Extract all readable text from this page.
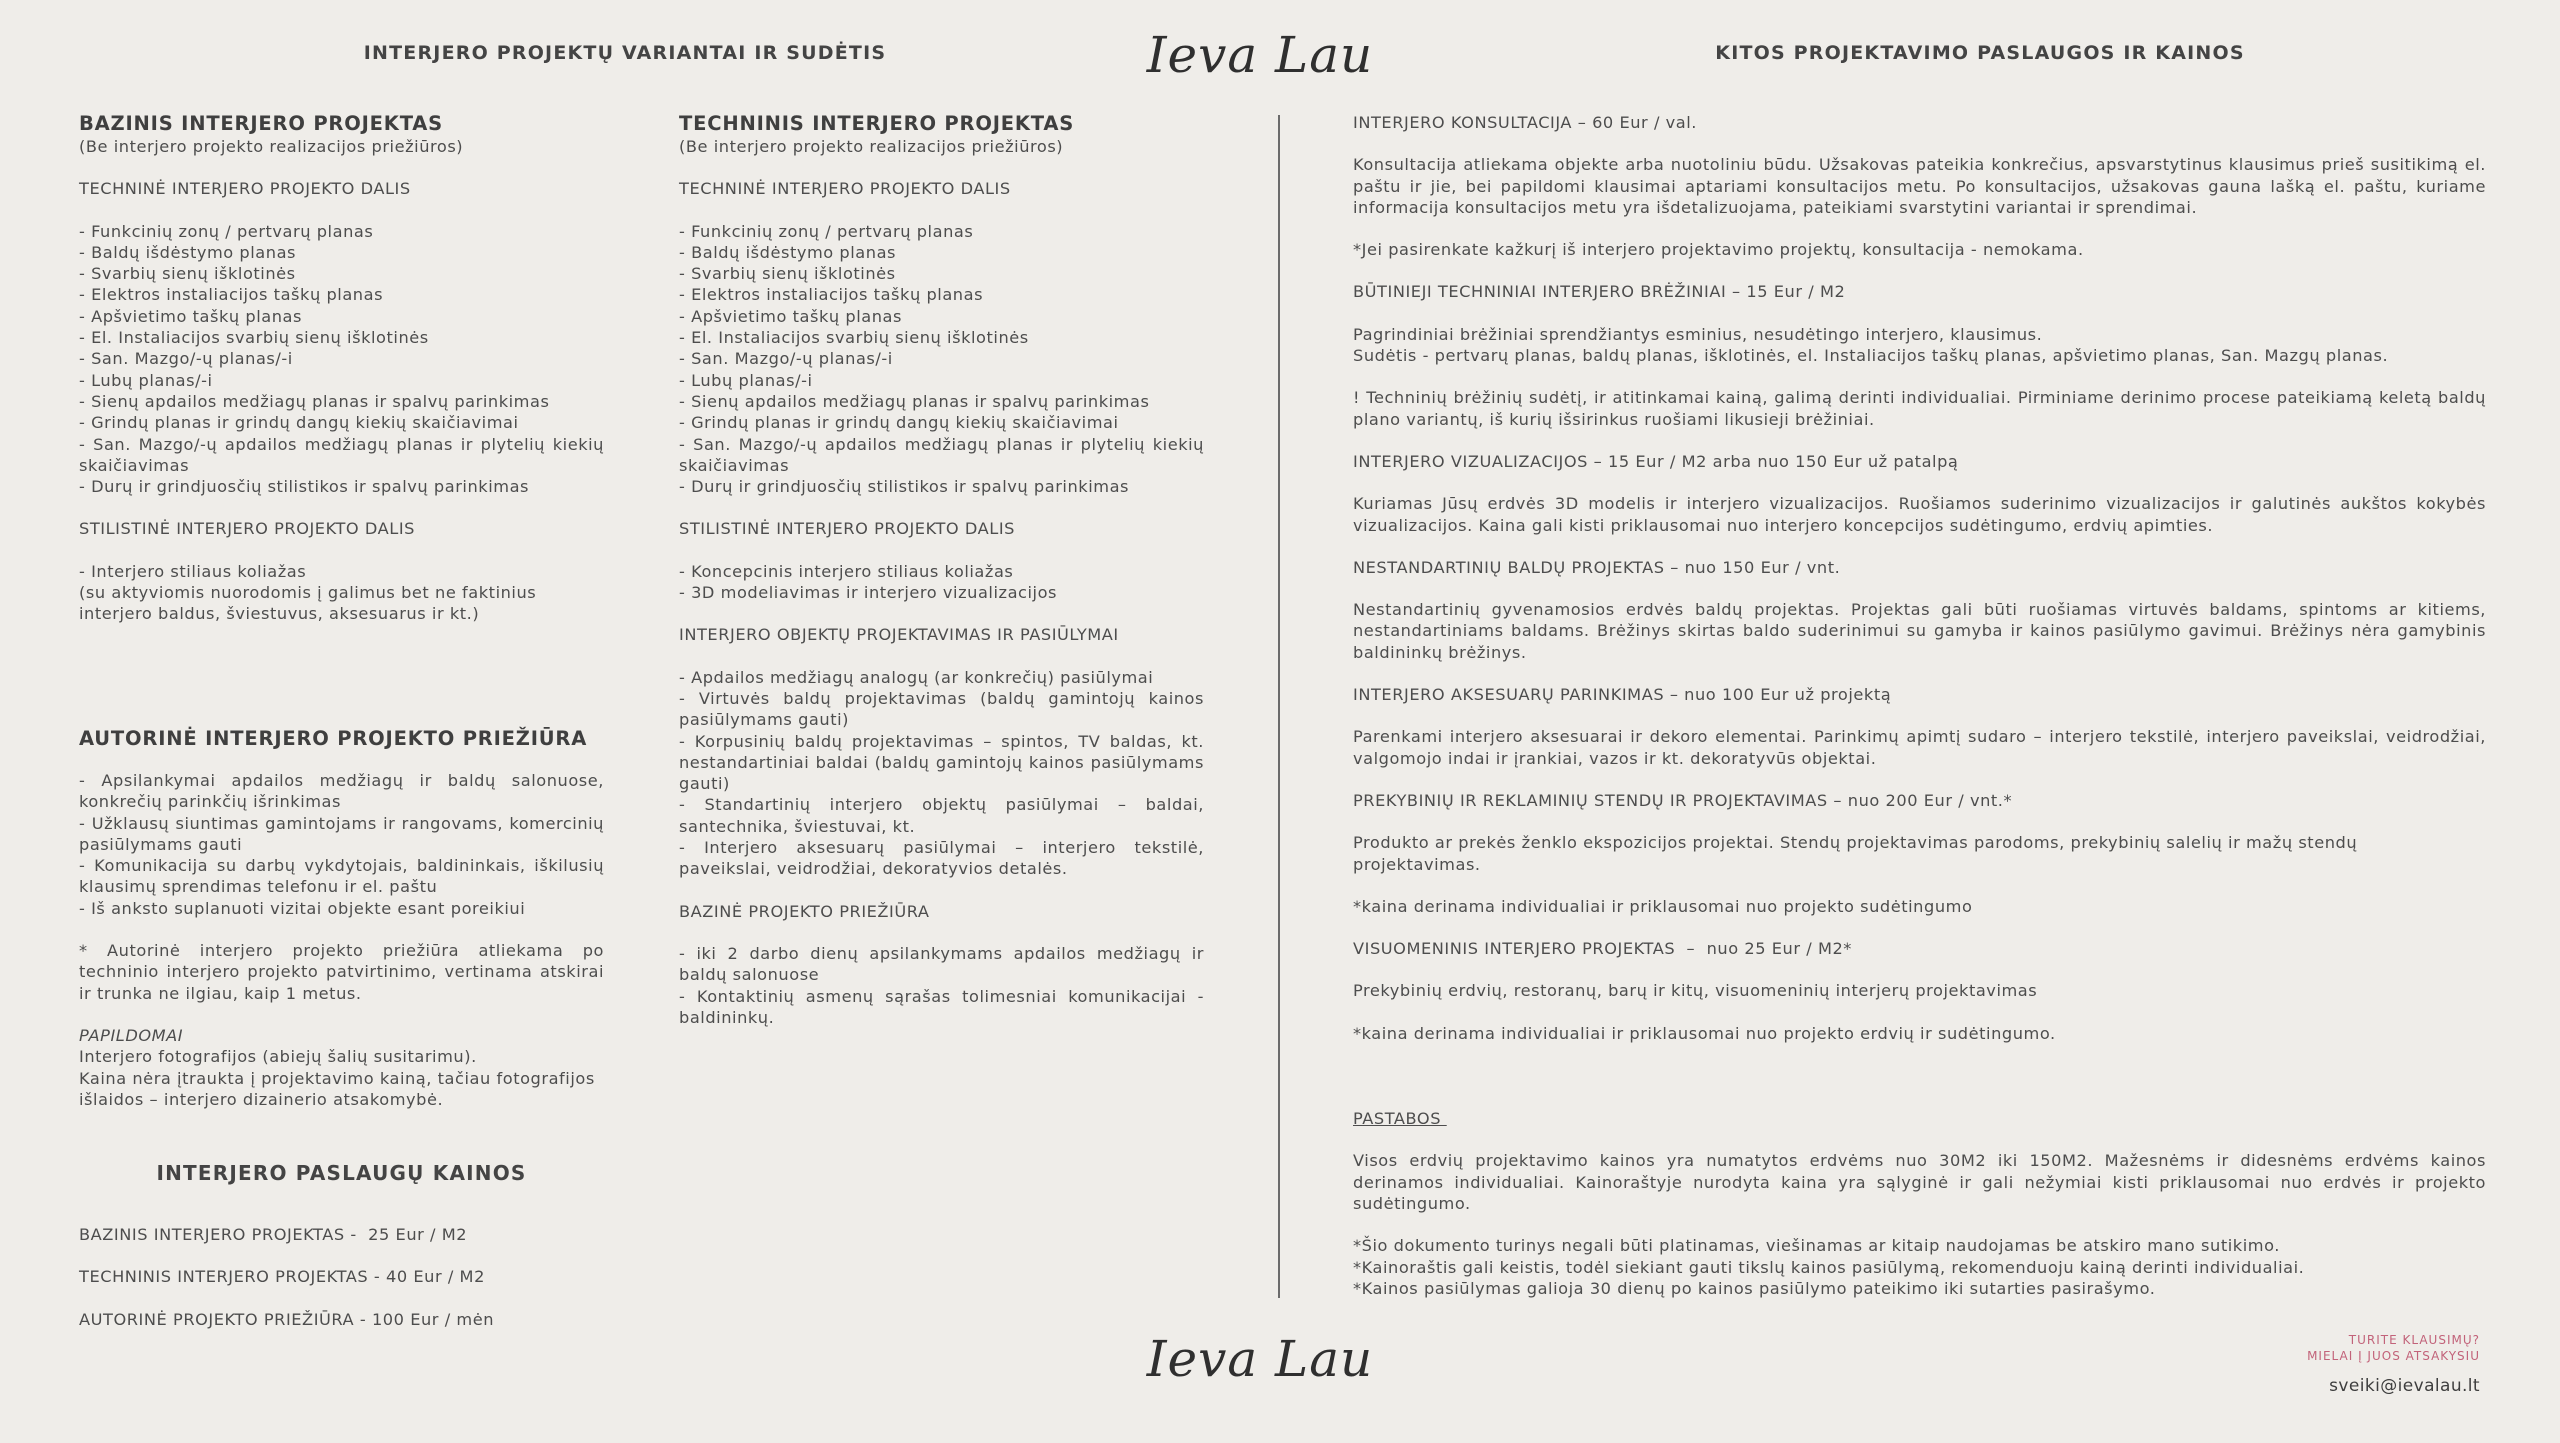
INTERJERO PROJEKTŲ VARIANTAI IR SUDĖTIS	Ieva Lau	KITOS PROJEKTAVIMO PASLAUGOS IR KAINOS
BAZINIS INTERJERO PROJEKTAS
(Be interjero projekto realizacijos priežiūros)
TECHNINĖ INTERJERO PROJEKTO DALIS
- Funkcinių zonų / pertvarų planas
- Baldų išdėstymo planas
- Svarbių sienų išklotinės
- Elektros instaliacijos taškų planas
- Apšvietimo taškų planas
- El. Instaliacijos svarbių sienų išklotinės
- San. Mazgo/-ų planas/-i
- Lubų planas/-i
- Sienų apdailos medžiagų planas ir spalvų parinkimas
- Grindų planas ir grindų dangų kiekių skaičiavimai
- San. Mazgo/-ų apdailos medžiagų planas ir plytelių kiekių skaičiavimas
- Durų ir grindjuosčių stilistikos ir spalvų parinkimas
STILISTINĖ INTERJERO PROJEKTO DALIS
- Interjero stiliaus koliažas
(su aktyviomis nuorodomis į galimus bet ne faktinius interjero baldus, šviestuvus, aksesuarus ir kt.)
AUTORINĖ INTERJERO PROJEKTO PRIEŽIŪRA
- Apsilankymai apdailos medžiagų ir baldų salonuose, konkrečių parinkčių išrinkimas
- Užklausų siuntimas gamintojams ir rangovams, komercinių pasiūlymams gauti
- Komunikacija su darbų vykdytojais, baldininkais, iškilusių klausimų sprendimas telefonu ir el. paštu
- Iš anksto suplanuoti vizitai objekte esant poreikiui
* Autorinė interjero projekto priežiūra atliekama po techninio interjero projekto patvirtinimo, vertinama atskirai ir trunka ne ilgiau, kaip 1 metus.
PAPILDOMAI
Interjero fotografijos (abiejų šalių susitarimu).
Kaina nėra įtraukta į projektavimo kainą, tačiau fotografijos išlaidos – interjero dizainerio atsakomybė.
INTERJERO PASLAUGŲ KAINOS
BAZINIS INTERJERO PROJEKTAS -  25 Eur / M2
TECHNINIS INTERJERO PROJEKTAS - 40 Eur / M2
AUTORINĖ PROJEKTO PRIEŽIŪRA - 100 Eur / mėn
TECHNINIS INTERJERO PROJEKTAS
(Be interjero projekto realizacijos priežiūros)
TECHNINĖ INTERJERO PROJEKTO DALIS
- Funkcinių zonų / pertvarų planas
- Baldų išdėstymo planas
- Svarbių sienų išklotinės
- Elektros instaliacijos taškų planas
- Apšvietimo taškų planas
- El. Instaliacijos svarbių sienų išklotinės
- San. Mazgo/-ų planas/-i
- Lubų planas/-i
- Sienų apdailos medžiagų planas ir spalvų parinkimas
- Grindų planas ir grindų dangų kiekių skaičiavimai
- San. Mazgo/-ų apdailos medžiagų planas ir plytelių kiekių skaičiavimas
- Durų ir grindjuosčių stilistikos ir spalvų parinkimas
STILISTINĖ INTERJERO PROJEKTO DALIS
- Koncepcinis interjero stiliaus koliažas
- 3D modeliavimas ir interjero vizualizacijos
INTERJERO OBJEKTŲ PROJEKTAVIMAS IR PASIŪLYMAI
- Apdailos medžiagų analogų (ar konkrečių) pasiūlymai
- Virtuvės baldų projektavimas (baldų gamintojų kainos pasiūlymams gauti)
- Korpusinių baldų projektavimas – spintos, TV baldas, kt. nestandartiniai baldai (baldų gamintojų kainos pasiūlymams gauti)
- Standartinių interjero objektų pasiūlymai – baldai, santechnika, šviestuvai, kt.
- Interjero aksesuarų pasiūlymai – interjero tekstilė, paveikslai, veidrodžiai, dekoratyvios detalės.
BAZINĖ PROJEKTO PRIEŽIŪRA
- iki 2 darbo dienų apsilankymams apdailos medžiagų ir baldų salonuose
- Kontaktinių asmenų sąrašas tolimesniai komunikacijai - baldininkų.
INTERJERO KONSULTACIJA – 60 Eur / val.
Konsultacija atliekama objekte arba nuotoliniu būdu. Užsakovas pateikia konkrečius, apsvarstytinus klausimus prieš susitikimą el. paštu ir jie, bei papildomi klausimai aptariami konsultacijos metu. Po konsultacijos, užsakovas gauna lašką el. paštu, kuriame informacija konsultacijos metu yra išdetalizuojama, pateikiami svarstytini variantai ir sprendimai.
*Jei pasirenkate kažkurį iš interjero projektavimo projektų, konsultacija - nemokama.
BŪTINIEJI TECHNINIAI INTERJERO BRĖŽINIAI – 15 Eur / M2
Pagrindiniai brėžiniai sprendžiantys esminius, nesudėtingo interjero, klausimus.
Sudėtis - pertvarų planas, baldų planas, išklotinės, el. Instaliacijos taškų planas, apšvietimo planas, San. Mazgų planas.
! Techninių brėžinių sudėtį, ir atitinkamai kainą, galimą derinti individualiai. Pirminiame derinimo procese pateikiamą keletą baldų plano variantų, iš kurių išsirinkus ruošiami likusieji brėžiniai.
INTERJERO VIZUALIZACIJOS – 15 Eur / M2 arba nuo 150 Eur už patalpą
Kuriamas Jūsų erdvės 3D modelis ir interjero vizualizacijos. Ruošiamos suderinimo vizualizacijos ir galutinės aukštos kokybės vizualizacijos. Kaina gali kisti priklausomai nuo interjero koncepcijos sudėtingumo, erdvių apimties.
NESTANDARTINIŲ BALDŲ PROJEKTAS – nuo 150 Eur / vnt.
Nestandartinių gyvenamosios erdvės baldų projektas. Projektas gali būti ruošiamas virtuvės baldams, spintoms ar kitiems, nestandartiniams baldams. Brėžinys skirtas baldo suderinimui su gamyba ir kainos pasiūlymo gavimui. Brėžinys nėra gamybinis baldininkų brėžinys.
INTERJERO AKSESUARŲ PARINKIMAS – nuo 100 Eur už projektą
Parenkami interjero aksesuarai ir dekoro elementai. Parinkimų apimtį sudaro – interjero tekstilė, interjero paveikslai, veidrodžiai, valgomojo indai ir įrankiai, vazos ir kt. dekoratyvūs objektai.
PREKYBINIŲ IR REKLAMINIŲ STENDŲ IR PROJEKTAVIMAS – nuo 200 Eur / vnt.*
Produkto ar prekės ženklo ekspozicijos projektai. Stendų projektavimas parodoms, prekybinių salelių ir mažų stendų projektavimas.
*kaina derinama individualiai ir priklausomai nuo projekto sudėtingumo
VISUOMENINIS INTERJERO PROJEKTAS  –  nuo 25 Eur / M2*
Prekybinių erdvių, restoranų, barų ir kitų, visuomeninių interjerų projektavimas
*kaina derinama individualiai ir priklausomai nuo projekto erdvių ir sudėtingumo.
PASTABOS
Visos erdvių projektavimo kainos yra numatytos erdvėms nuo 30M2 iki 150M2. Mažesnėms ir didesnėms erdvėms kainos derinamos individualiai. Kainoraštyje nurodyta kaina yra sąlyginė ir gali nežymiai kisti priklausomai nuo erdvės ir projekto sudėtingumo.
*Šio dokumento turinys negali būti platinamas, viešinamas ar kitaip naudojamas be atskiro mano sutikimo.
*Kainoraštis gali keistis, todėl siekiant gauti tikslų kainos pasiūlymą, rekomenduoju kainą derinti individualiai.
*Kainos pasiūlymas galioja 30 dienų po kainos pasiūlymo pateikimo iki sutarties pasirašymo.
Ieva Lau	TURITE KLAUSIMŲ?
MIELAI Į JUOS ATSAKYSIU
sveiki@ievalau.lt
